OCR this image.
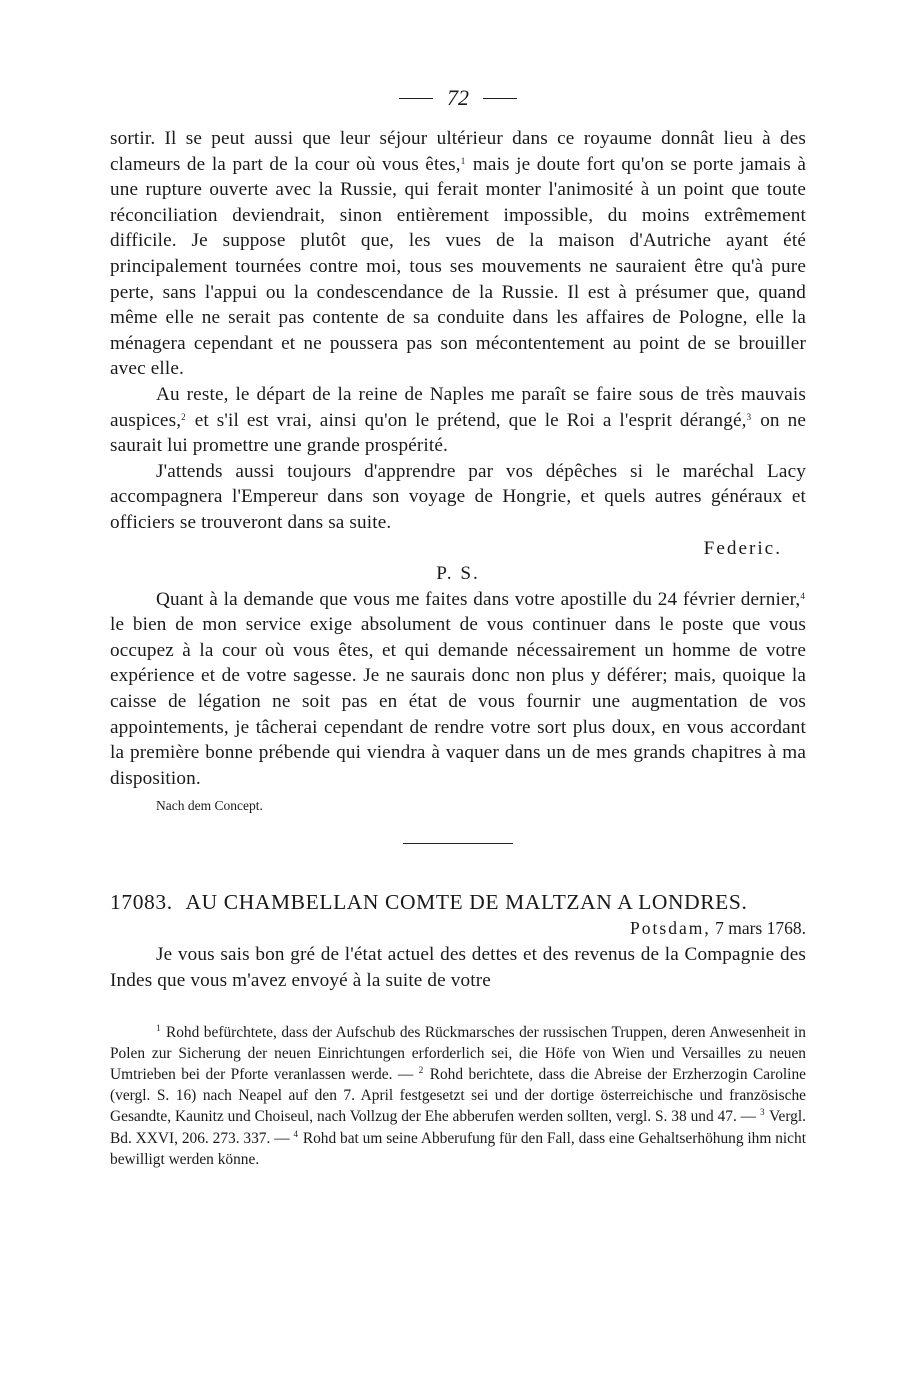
72

sortir. Il se peut aussi que leur séjour ultérieur dans ce royaume donnât lieu à des clameurs de la part de la cour où vous êtes,$^1$ mais je doute fort qu'on se porte jamais à une rupture ouverte avec la Russie, qui ferait monter l'animosité à un point que toute réconciliation deviendrait, sinon entièrement impossible, du moins extrêmement difficile. Je suppose plutôt que, les vues de la maison d'Autriche ayant été principalement tournées contre moi, tous ses mouvements ne sauraient être qu'à pure perte, sans l'appui ou la condescendance de la Russie. Il est à présumer que, quand même elle ne serait pas contente de sa conduite dans les affaires de Pologne, elle la ménagera cependant et ne poussera pas son mécontentement au point de se brouiller avec elle.

Au reste, le départ de la reine de Naples me paraît se faire sous de très mauvais auspices,$^2$ et s'il est vrai, ainsi qu'on le prétend, que le Roi a l'esprit dérangé,$^3$ on ne saurait lui promettre une grande prospérité.

J'attends aussi toujours d'apprendre par vos dépêches si le maréchal Lacy accompagnera l'Empereur dans son voyage de Hongrie, et quels autres généraux et officiers se trouveront dans sa suite.

Federic.
P. S.

Quant à la demande que vous me faites dans votre apostille du 24 février dernier,$^4$ le bien de mon service exige absolument de vous continuer dans le poste que vous occupez à la cour où vous êtes, et qui demande nécessairement un homme de votre expérience et de votre sagesse. Je ne saurais donc non plus y déférer; mais, quoique la caisse de légation ne soit pas en état de vous fournir une augmentation de vos appointements, je tâcherai cependant de rendre votre sort plus doux, en vous accordant la première bonne prébende qui viendra à vaquer dans un de mes grands chapitres à ma disposition.

Nach dem Concept.
17083. AU CHAMBELLAN COMTE DE MALTZAN A LONDRES.
Potsdam, 7 mars 1768.

Je vous sais bon gré de l'état actuel des dettes et des revenus de la Compagnie des Indes que vous m'avez envoyé à la suite de votre

$^1$ Rohd befürchtete, dass der Aufschub des Rückmarsches der russischen Truppen, deren Anwesenheit in Polen zur Sicherung der neuen Einrichtungen erforderlich sei, die Höfe von Wien und Versailles zu neuen Umtrieben bei der Pforte veranlassen werde. — $^2$ Rohd berichtete, dass die Abreise der Erzherzogin Caroline (vergl. S. 16) nach Neapel auf den 7. April festgesetzt sei und der dortige österreichische und französische Gesandte, Kaunitz und Choiseul, nach Vollzug der Ehe abberufen werden sollten, vergl. S. 38 und 47. — $^3$ Vergl. Bd. XXVI, 206. 273. 337. — $^4$ Rohd bat um seine Abberufung für den Fall, dass eine Gehaltserhöhung ihm nicht bewilligt werden könne.
